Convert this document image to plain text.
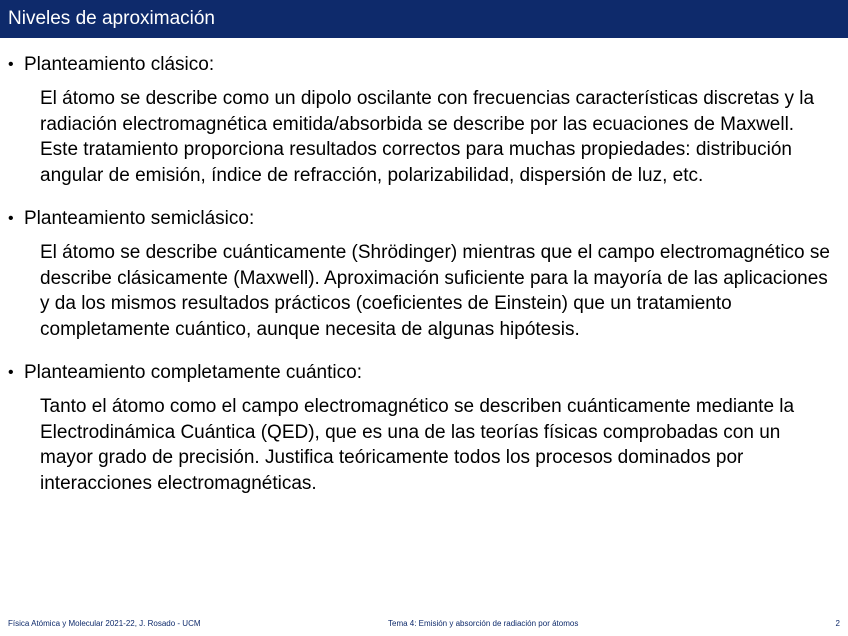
Niveles de aproximación
• Planteamiento clásico:
El átomo se describe como un dipolo oscilante con frecuencias características discretas y la radiación electromagnética emitida/absorbida se describe por las ecuaciones de Maxwell. Este tratamiento proporciona resultados correctos para muchas propiedades: distribución angular de emisión, índice de refracción, polarizabilidad, dispersión de luz, etc.
• Planteamiento semiclásico:
El átomo se describe cuánticamente (Shrödinger) mientras que el campo electromagnético se describe clásicamente (Maxwell). Aproximación suficiente para la mayoría de las aplicaciones y da los mismos resultados prácticos (coeficientes de Einstein) que un tratamiento completamente cuántico, aunque necesita de algunas hipótesis.
• Planteamiento completamente cuántico:
Tanto el átomo como el campo electromagnético se describen cuánticamente mediante la Electrodinámica Cuántica (QED), que es una de las teorías físicas comprobadas con un mayor grado de precisión. Justifica teóricamente todos los procesos dominados por interacciones electromagnéticas.
Física Atómica y Molecular 2021-22, J. Rosado - UCM	Tema 4: Emisión y absorción de radiación por átomos	2
